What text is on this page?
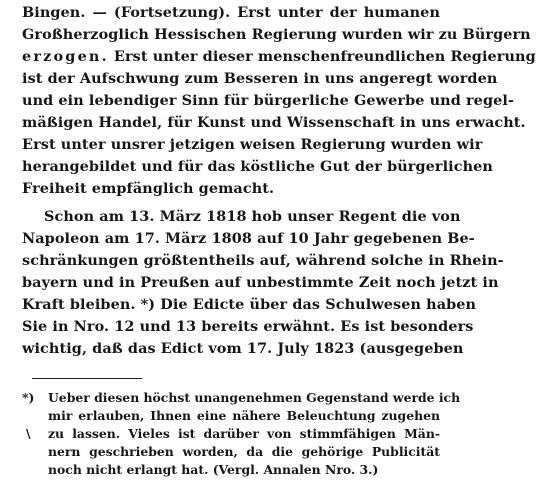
Bingen. — (Fortsetzung). Erst unter der humanen
Großherzoglich Hessischen Regierung wurden wir zu Bürgern
erzogen. Erst unter dieser menschenfreundlichen Regierung
ist der Aufschwung zum Besseren in uns angeregt worden
und ein lebendiger Sinn für bürgerliche Gewerbe und regel-
mäßigen Handel, für Kunst und Wissenschaft in uns erwacht.
Erst unter unsrer jetzigen weisen Regierung wurden wir
herangebildet und für das köstliche Gut der bürgerlichen
Freiheit empfänglich gemacht.
Schon am 13. März 1818 hob unser Regent die von
Napoleon am 17. März 1808 auf 10 Jahr gegebenen Be-
schränkungen größtentheils auf, während solche in Rhein-
bayern und in Preußen auf unbestimmte Zeit noch jetzt in
Kraft bleiben. *) Die Edicte über das Schulwesen haben
Sie in Nro. 12 und 13 bereits erwähnt. Es ist besonders
wichtig, daß das Edict vom 17. July 1823 (ausgegeben
*)
\
Ueber diesen höchst unangenehmen Gegenstand werde ich
mir erlauben, Ihnen eine nähere Beleuchtung zugehen
zu lassen. Vieles ist darüber von stimmfähigen Män-
nern geschrieben worden, da die gehörige Publicität
noch nicht erlangt hat. (Vergl. Annalen Nro. 3.)
